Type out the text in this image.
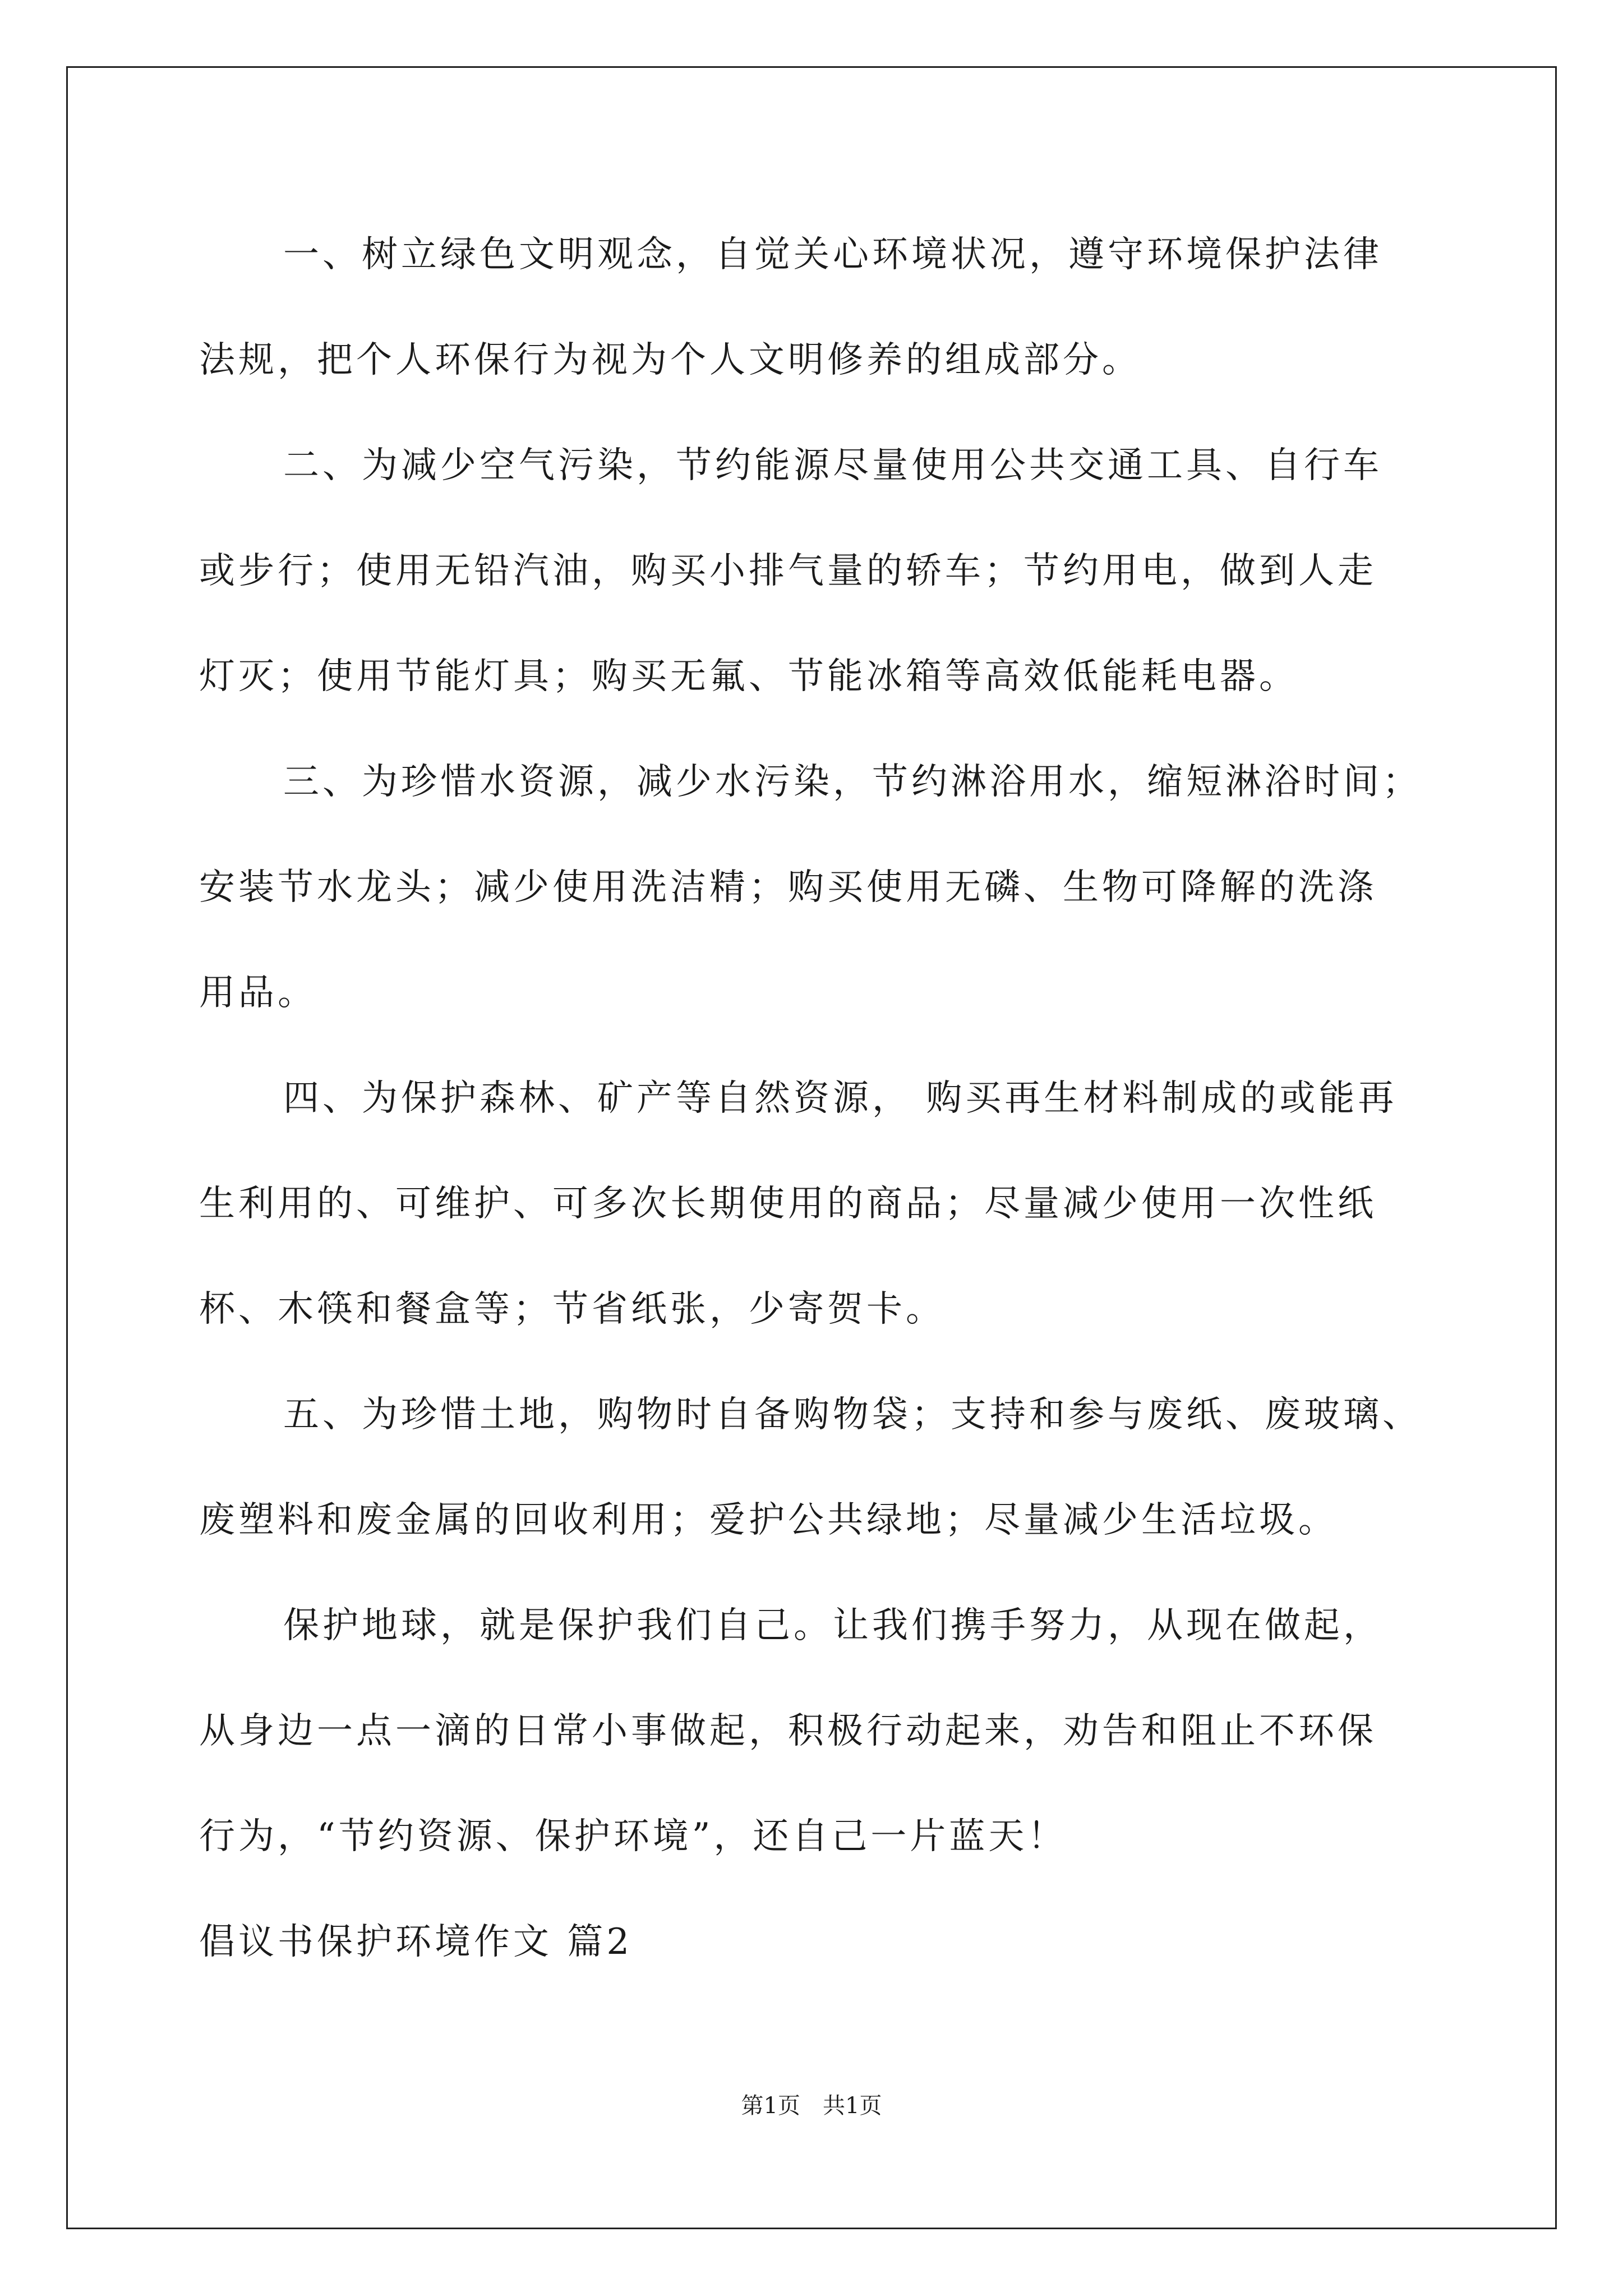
一、树立绿色文明观念，自觉关心环境状况，遵守环境保护法律
法规，把个人环保行为视为个人文明修养的组成部分。
二、为减少空气污染，节约能源尽量使用公共交通工具、自行车
或步行；使用无铅汽油，购买小排气量的轿车；节约用电，做到人走
灯灭；使用节能灯具；购买无氟、节能冰箱等高效低能耗电器。
三、为珍惜水资源，减少水污染，节约淋浴用水，缩短淋浴时间；
安装节水龙头；减少使用洗洁精；购买使用无磷、生物可降解的洗涤
用品。
四、为保护森林、矿产等自然资源， 购买再生材料制成的或能再
生利用的、可维护、可多次长期使用的商品；尽量减少使用一次性纸
杯、木筷和餐盒等；节省纸张，少寄贺卡。
五、为珍惜土地，购物时自备购物袋；支持和参与废纸、废玻璃、
废塑料和废金属的回收利用；爱护公共绿地；尽量减少生活垃圾。
保护地球，就是保护我们自己。让我们携手努力，从现在做起，
从身边一点一滴的日常小事做起，积极行动起来，劝告和阻止不环保
行为，“节约资源、保护环境”，还自己一片蓝天！
倡议书保护环境作文 篇2
第1页　共1页
